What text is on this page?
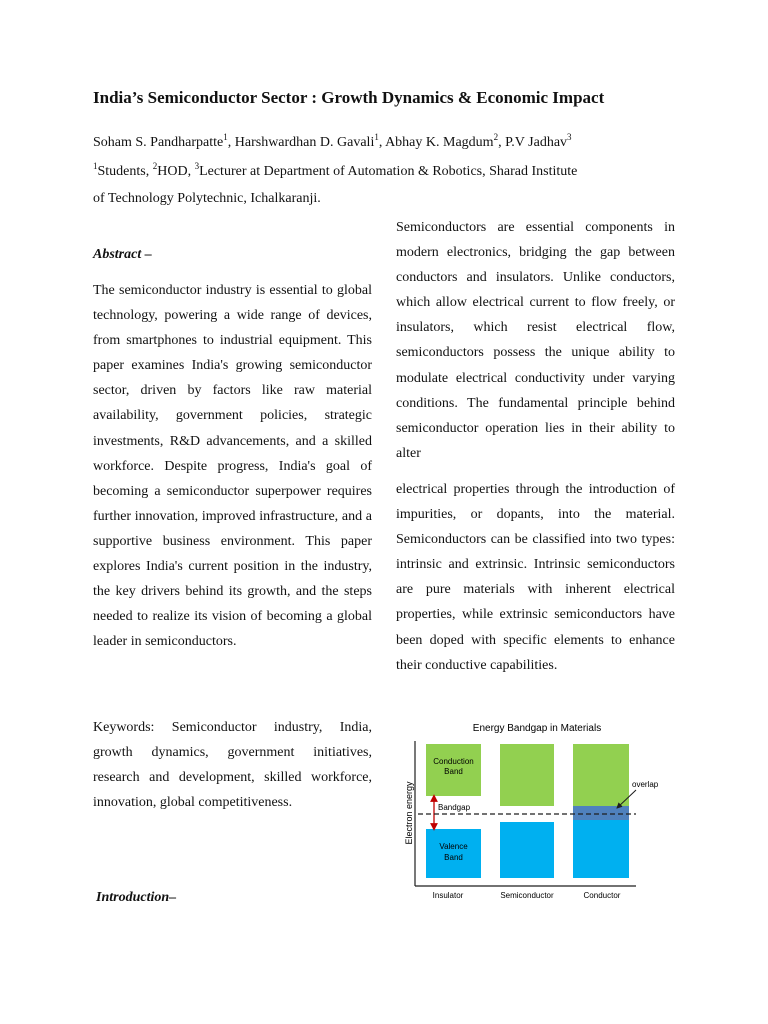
India’s Semiconductor Sector : Growth Dynamics & Economic Impact
Soham S. Pandharpatte$^1$, Harshwardhan D. Gavali$^1$, Abhay K. Magdum$^2$, P.V Jadhav$^3$
$^1$Students, $^2$HOD, $^3$Lecturer at Department of Automation & Robotics, Sharad Institute
of Technology Polytechnic, Ichalkaranji.
Abstract –
The semiconductor industry is essential to global technology, powering a wide range of devices, from smartphones to industrial equipment. This paper examines India's growing semiconductor sector, driven by factors like raw material availability, government policies, strategic investments, R&D advancements, and a skilled workforce. Despite progress, India's goal of becoming a semiconductor superpower requires further innovation, improved infrastructure, and a supportive business environment. This paper explores India's current position in the industry, the key drivers behind its growth, and the steps needed to realize its vision of becoming a global leader in semiconductors.
Keywords: Semiconductor industry, India, growth dynamics, government initiatives, research and development, skilled workforce, innovation, global competitiveness.
Introduction–
Semiconductors are essential components in modern electronics, bridging the gap between conductors and insulators. Unlike conductors, which allow electrical current to flow freely, or insulators, which resist electrical flow, semiconductors possess the unique ability to modulate electrical conductivity under varying conditions. The fundamental principle behind semiconductor operation lies in their ability to alter
electrical properties through the introduction of impurities, or dopants, into the material. Semiconductors can be classified into two types: intrinsic and extrinsic. Intrinsic semiconductors are pure materials with inherent electrical properties, while extrinsic semiconductors have been doped with specific elements to enhance their conductive capabilities.
Energy Bandgap in Materials
Electron energy
Conduction
Band
Valence
Band
Bandgap
overlap
Insulator	Semiconductor	Conductor
